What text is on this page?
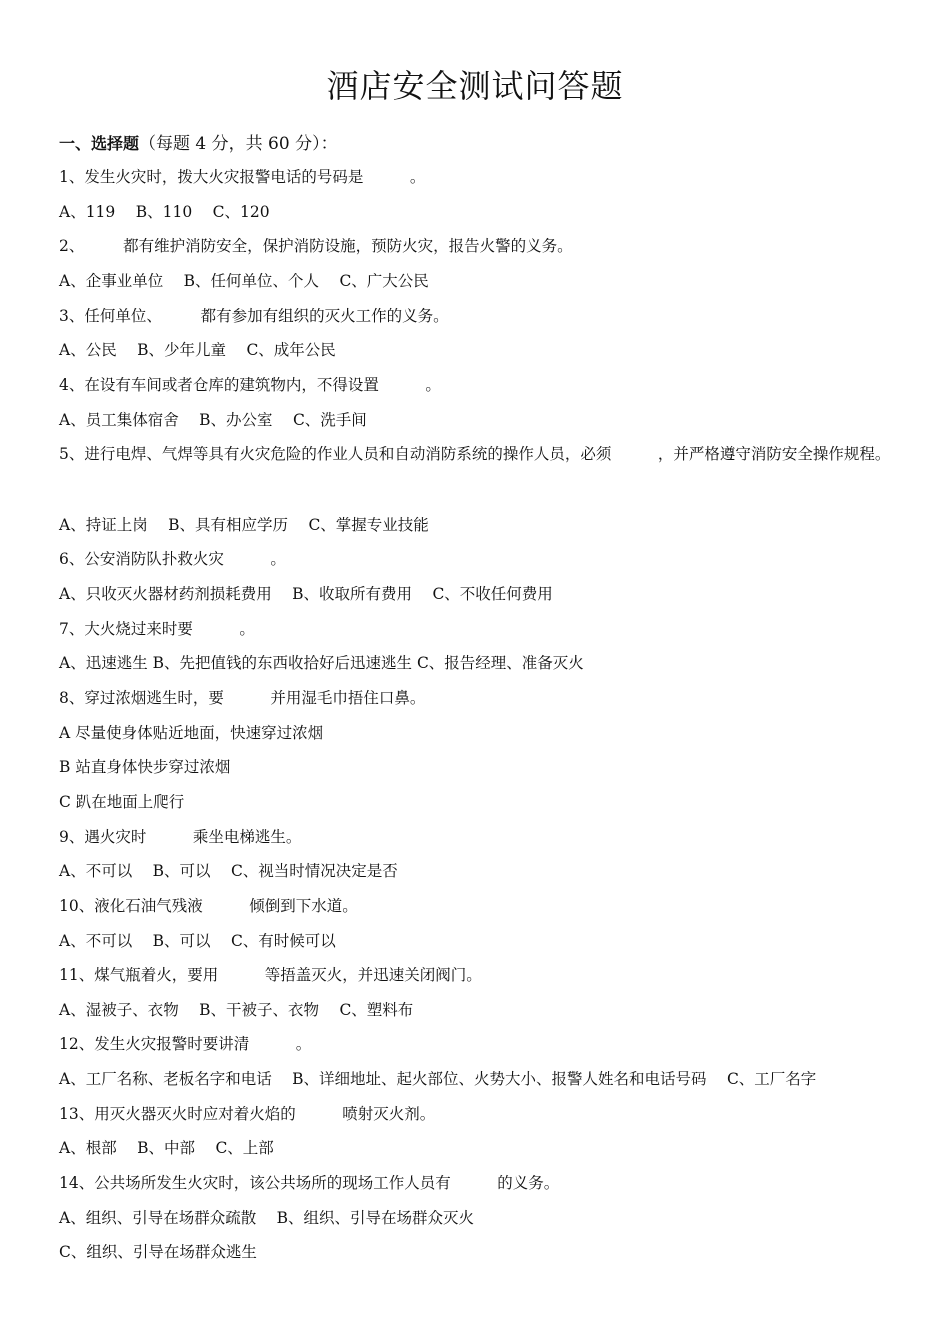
酒店安全测试问答题
一、选择题（每题 4 分，共 60 分）：
1、发生火灾时，拨大火灾报警电话的号码是　　　。
A、119　 B、110　 C、120
2、　　　都有维护消防安全，保护消防设施，预防火灾，报告火警的义务。
A、企事业单位　 B、任何单位、个人　 C、广大公民
3、任何单位、　　　都有参加有组织的灭火工作的义务。
A、公民　 B、少年儿童　 C、成年公民
4、在设有车间或者仓库的建筑物内，不得设置　　　。
A、员工集体宿舍　 B、办公室　 C、洗手间
5、进行电焊、气焊等具有火灾危险的作业人员和自动消防系统的操作人员，必须　　　，并严格遵守消防安全操作规程。
A、持证上岗　 B、具有相应学历　 C、掌握专业技能
6、公安消防队扑救火灾　　　。
A、只收灭火器材药剂损耗费用　 B、收取所有费用　 C、不收任何费用
7、大火烧过来时要　　　。
A、迅速逃生 B、先把值钱的东西收拾好后迅速逃生 C、报告经理、准备灭火
8、穿过浓烟逃生时，要　　　并用湿毛巾捂住口鼻。
A 尽量使身体贴近地面，快速穿过浓烟
B 站直身体快步穿过浓烟
C 趴在地面上爬行
9、遇火灾时　　　乘坐电梯逃生。
A、不可以　 B、可以　 C、视当时情况决定是否
10、液化石油气残液　　　倾倒到下水道。
A、不可以　 B、可以　 C、有时候可以
11、煤气瓶着火，要用　　　等捂盖灭火，并迅速关闭阀门。
A、湿被子、衣物　 B、干被子、衣物　 C、塑料布
12、发生火灾报警时要讲清　　　。
A、工厂名称、老板名字和电话　 B、详细地址、起火部位、火势大小、报警人姓名和电话号码　 C、工厂名字
13、用灭火器灭火时应对着火焰的　　　喷射灭火剂。
A、根部　 B、中部　 C、上部
14、公共场所发生火灾时，该公共场所的现场工作人员有　　　的义务。
A、组织、引导在场群众疏散　 B、组织、引导在场群众灭火
C、组织、引导在场群众逃生
